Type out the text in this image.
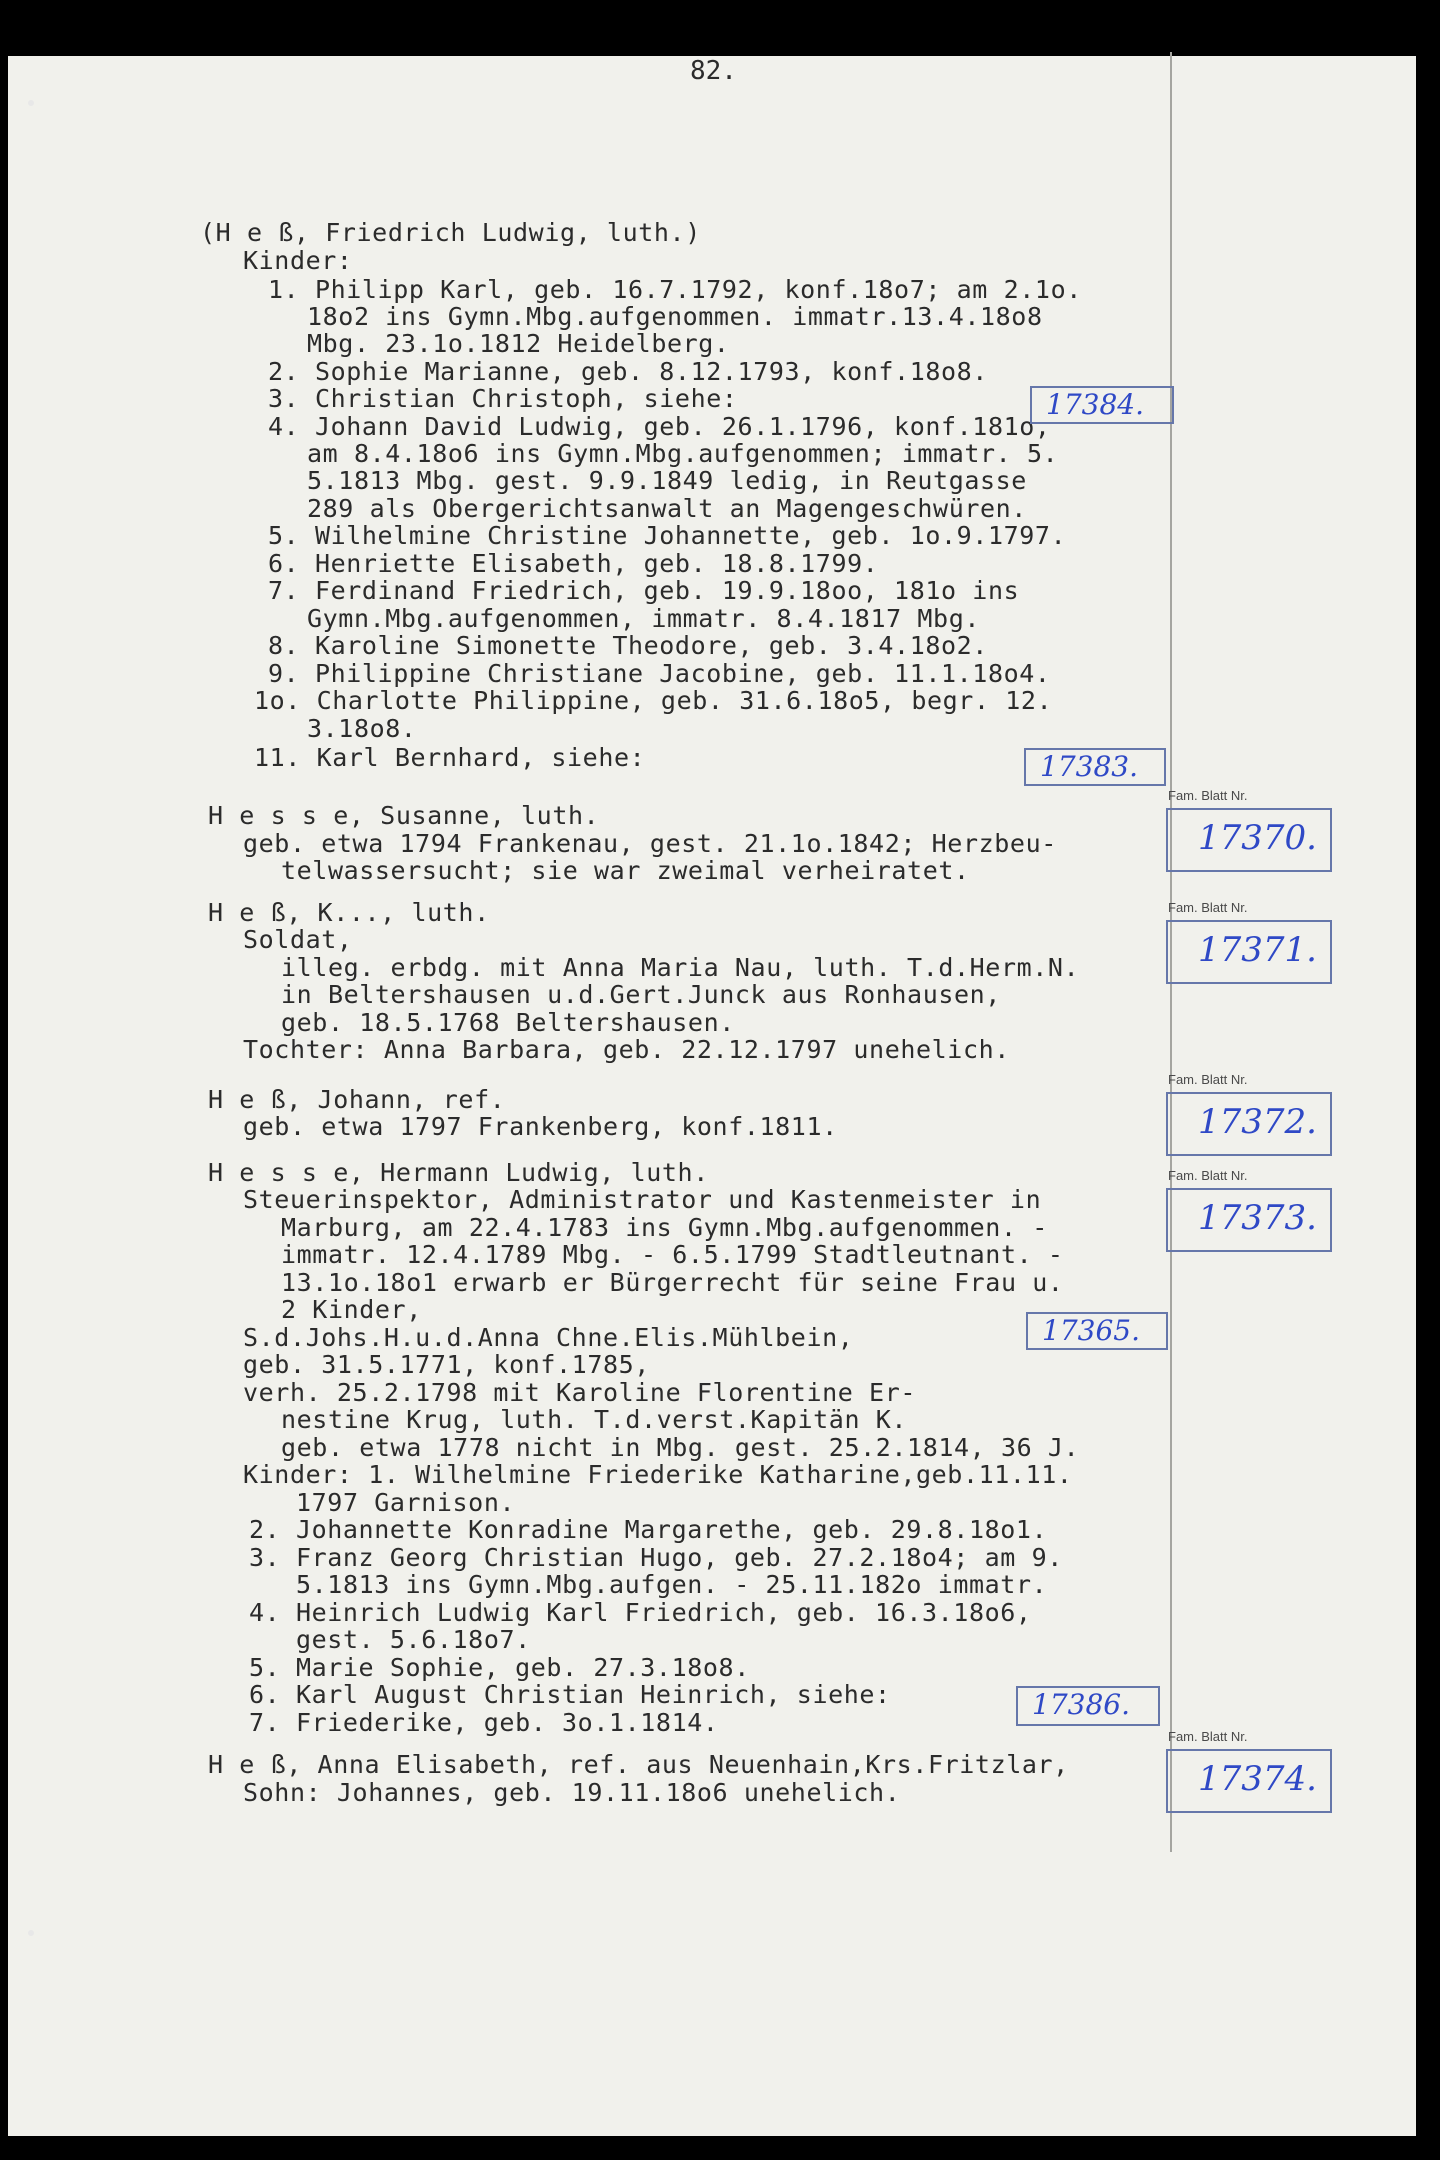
82.
(H e ß, Friedrich Ludwig, luth.)
Kinder:
1. Philipp Karl, geb. 16.7.1792, konf.18o7; am 2.1o.
18o2 ins Gymn.Mbg.aufgenommen. immatr.13.4.18o8
Mbg. 23.1o.1812 Heidelberg.
2. Sophie Marianne, geb. 8.12.1793, konf.18o8.
3. Christian Christoph, siehe:
4. Johann David Ludwig, geb. 26.1.1796, konf.181o,
am 8.4.18o6 ins Gymn.Mbg.aufgenommen; immatr. 5.
5.1813 Mbg. gest. 9.9.1849 ledig, in Reutgasse
289 als Obergerichtsanwalt an Magengeschwüren.
5. Wilhelmine Christine Johannette, geb. 1o.9.1797.
6. Henriette Elisabeth, geb. 18.8.1799.
7. Ferdinand Friedrich, geb. 19.9.18oo, 181o ins
Gymn.Mbg.aufgenommen, immatr. 8.4.1817 Mbg.
8. Karoline Simonette Theodore, geb. 3.4.18o2.
9. Philippine Christiane Jacobine, geb. 11.1.18o4.
1o. Charlotte Philippine, geb. 31.6.18o5, begr. 12.
3.18o8.
11. Karl Bernhard, siehe:
H e s s e, Susanne, luth.
geb. etwa 1794 Frankenau, gest. 21.1o.1842; Herzbeu-
telwassersucht; sie war zweimal verheiratet.
H e ß, K..., luth.
Soldat,
illeg. erbdg. mit Anna Maria Nau, luth. T.d.Herm.N.
in Beltershausen u.d.Gert.Junck aus Ronhausen,
geb. 18.5.1768 Beltershausen.
Tochter: Anna Barbara, geb. 22.12.1797 unehelich.
H e ß, Johann, ref.
geb. etwa 1797 Frankenberg, konf.1811.
H e s s e, Hermann Ludwig, luth.
Steuerinspektor, Administrator und Kastenmeister in
Marburg, am 22.4.1783 ins Gymn.Mbg.aufgenommen. -
immatr. 12.4.1789 Mbg. - 6.5.1799 Stadtleutnant. -
13.1o.18o1 erwarb er Bürgerrecht für seine Frau u.
2 Kinder,
S.d.Johs.H.u.d.Anna Chne.Elis.Mühlbein,
geb. 31.5.1771, konf.1785,
verh. 25.2.1798 mit Karoline Florentine Er-
nestine Krug, luth. T.d.verst.Kapitän K.
geb. etwa 1778 nicht in Mbg. gest. 25.2.1814, 36 J.
Kinder: 1. Wilhelmine Friederike Katharine,geb.11.11.
1797 Garnison.
2. Johannette Konradine Margarethe, geb. 29.8.18o1.
3. Franz Georg Christian Hugo, geb. 27.2.18o4; am 9.
5.1813 ins Gymn.Mbg.aufgen. - 25.11.182o immatr.
4. Heinrich Ludwig Karl Friedrich, geb. 16.3.18o6,
gest. 5.6.18o7.
5. Marie Sophie, geb. 27.3.18o8.
6. Karl August Christian Heinrich, siehe:
7. Friederike, geb. 3o.1.1814.
H e ß, Anna Elisabeth, ref. aus Neuenhain,Krs.Fritzlar,
Sohn: Johannes, geb. 19.11.18o6 unehelich.
17384.
17383.
17365.
17386.
Fam. Blatt Nr.
17370.
Fam. Blatt Nr.
17371.
Fam. Blatt Nr.
17372.
Fam. Blatt Nr.
17373.
Fam. Blatt Nr.
17374.
